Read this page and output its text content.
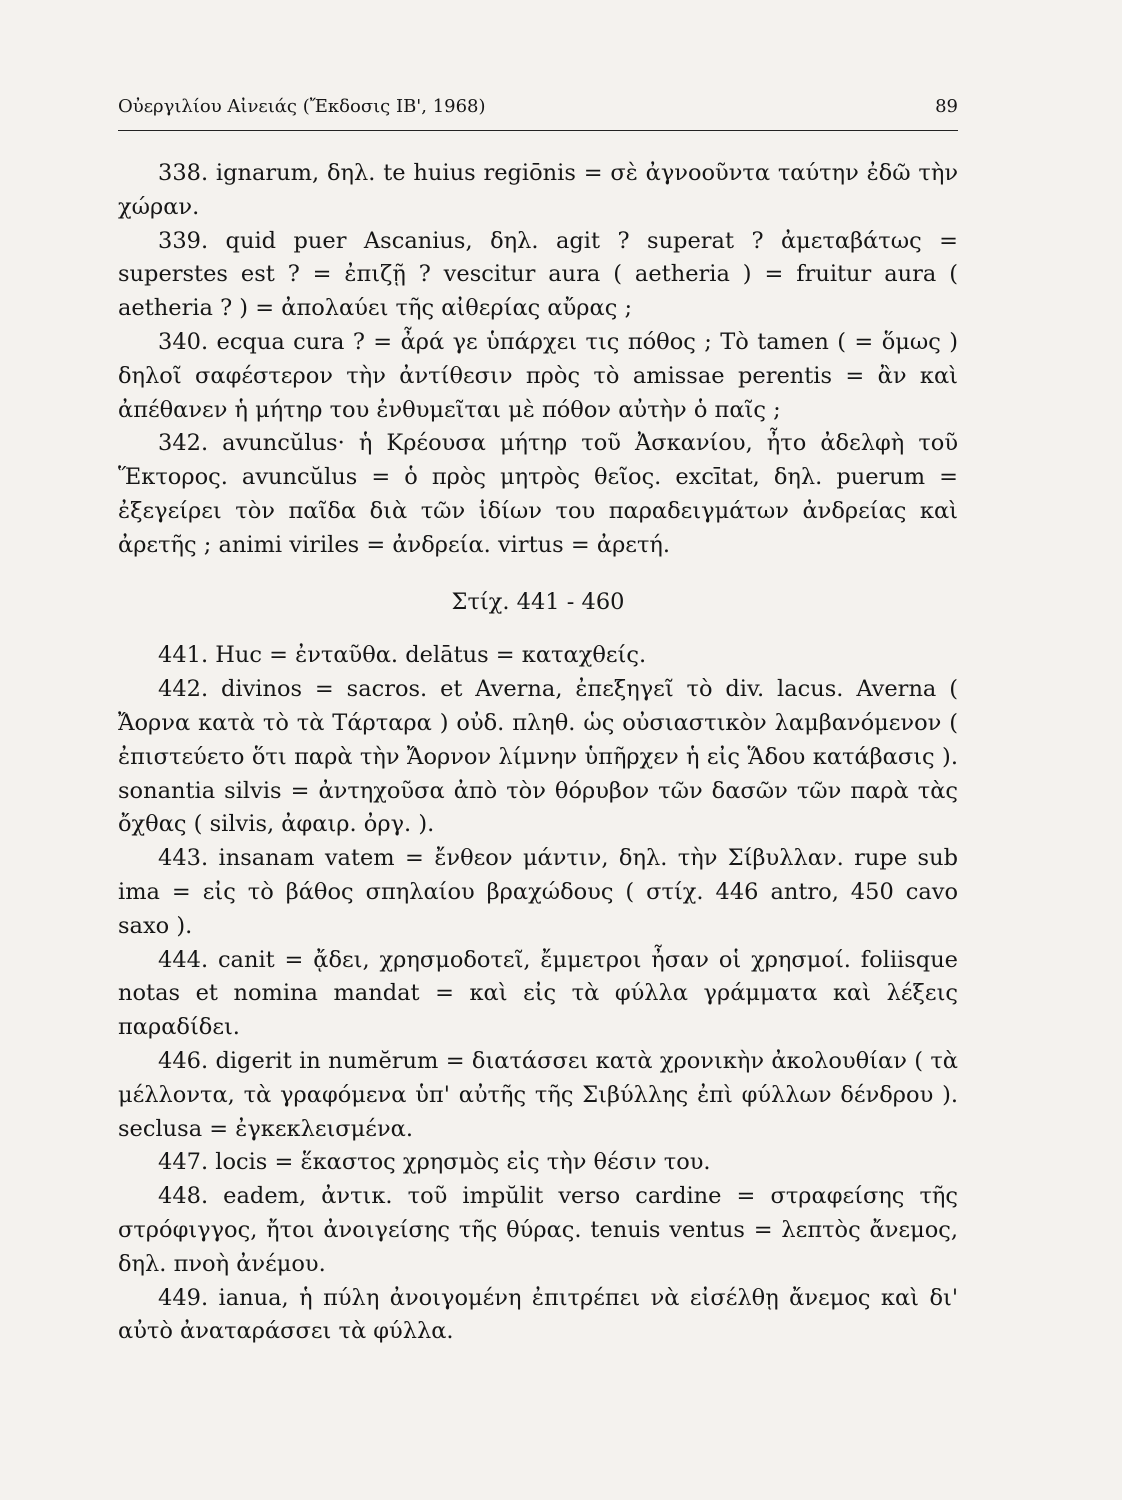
Οὐεργιλίου Αἰνειάς (Ἔκδοσις ΙΒ', 1968)	89

338. ignarum, δηλ. te huius regiōnis = σὲ ἀγνοοῦντα ταύτην ἐδῶ τὴν χώραν.

339. quid puer Ascanius, δηλ. agit ? superat ? ἀμεταβάτως = superstes est ? = ἐπιζῇ ? vescitur aura ( aetheria ) = fruitur aura ( aetheria ? ) = ἀπολαύει τῆς αἰθερίας αὔρας ;

340. ecqua cura ? = ἆρά γε ὑπάρχει τις πόθος ; Τὸ tamen ( = ὅμως ) δηλοῖ σαφέστερον τὴν ἀντίθεσιν πρὸς τὸ amissae perentis = ἂν καὶ ἀπέθανεν ἡ μήτηρ του ἐνθυμεῖται μὲ πόθον αὐτὴν ὁ παῖς ;

342. avuncŭlus· ἡ Κρέουσα μήτηρ τοῦ Ἀσκανίου, ἦτο ἀδελφὴ τοῦ Ἕκτορος. avuncŭlus = ὁ πρὸς μητρὸς θεῖος. excītat, δηλ. puerum = ἐξεγείρει τὸν παῖδα διὰ τῶν ἰδίων του παραδειγμάτων ἀνδρείας καὶ ἀρετῆς ; animi viriles = ἀνδρεία. virtus = ἀρετή.

Στίχ. 441 - 460

441. Huc = ἐνταῦθα. delātus = καταχθείς.

442. divinos = sacros. et Averna, ἐπεξηγεῖ τὸ div. lacus. Averna ( Ἄορνα κατὰ τὸ τὰ Τάρταρα ) οὐδ. πληθ. ὡς οὐσιαστικὸν λαμβανόμενον ( ἐπιστεύετο ὅτι παρὰ τὴν Ἄορνον λίμνην ὑπῆρχεν ἡ εἰς Ἅδου κατάβασις ). sonantia silvis = ἀντηχοῦσα ἀπὸ τὸν θόρυβον τῶν δασῶν τῶν παρὰ τὰς ὄχθας ( silvis, ἀφαιρ. ὀργ. ).

443. insanam vatem = ἔνθεον μάντιν, δηλ. τὴν Σίβυλλαν. rupe sub ima = εἰς τὸ βάθος σπηλαίου βραχώδους ( στίχ. 446 antro, 450 cavo saxo ).

444. canit = ᾄδει, χρησμοδοτεῖ, ἔμμετροι ἦσαν οἱ χρησμοί. foliisque notas et nomina mandat = καὶ εἰς τὰ φύλλα γράμματα καὶ λέξεις παραδίδει.

446. digerit in numĕrum = διατάσσει κατὰ χρονικὴν ἀκολουθίαν ( τὰ μέλλοντα, τὰ γραφόμενα ὑπ' αὐτῆς τῆς Σιβύλλης ἐπὶ φύλλων δένδρου ). seclusa = ἐγκεκλεισμένα.

447. locis = ἕκαστος χρησμὸς εἰς τὴν θέσιν του.

448. eadem, ἀντικ. τοῦ impŭlit verso cardine = στραφείσης τῆς στρόφιγγος, ἤτοι ἀνοιγείσης τῆς θύρας. tenuis ventus = λεπτὸς ἄνεμος, δηλ. πνοὴ ἀνέμου.

449. ianua, ἡ πύλη ἀνοιγομένη ἐπιτρέπει νὰ εἰσέλθῃ ἄνεμος καὶ δι' αὐτὸ ἀναταράσσει τὰ φύλλα.
